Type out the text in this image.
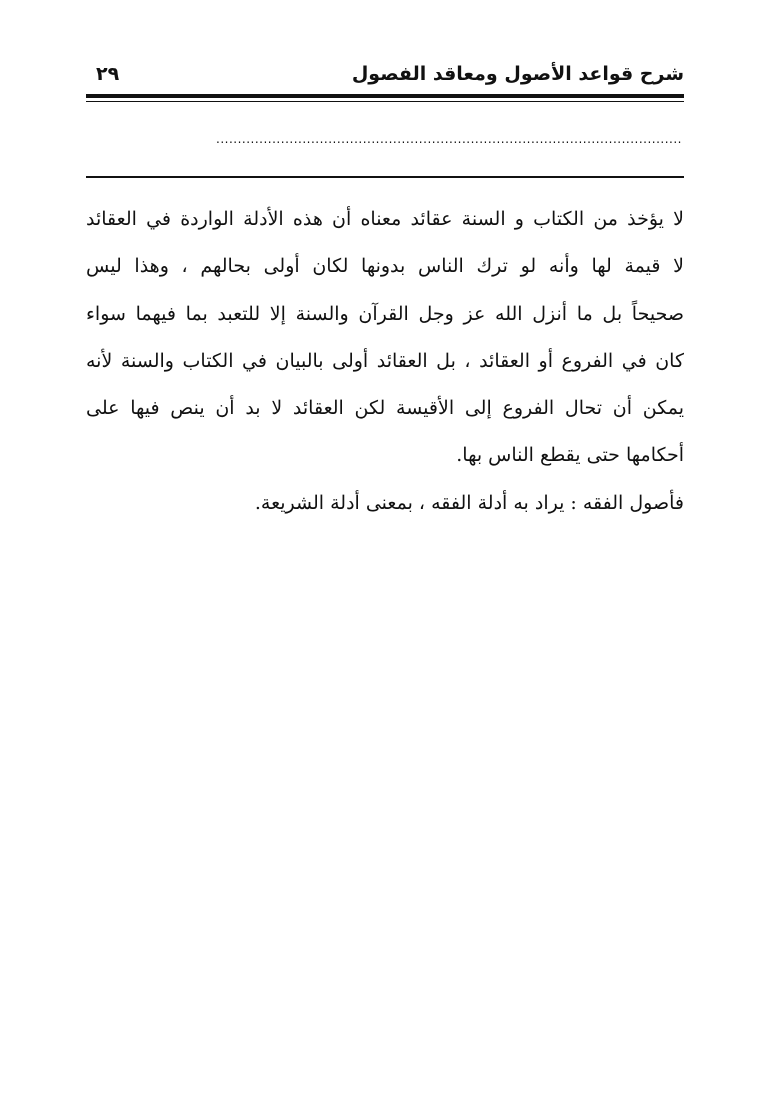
شرح قواعد الأصول ومعاقد الفصول
٢٩
............................................................................................................
لا يؤخذ من الكتاب و السنة عقائد معناه أن هذه الأدلة الواردة في العقائد
لا قيمة لها وأنه لو ترك الناس بدونها لكان أولى بحالهم ، وهذا ليس
صحيحاً بل ما أنزل الله عز وجل القرآن والسنة إلا للتعبد بما فيهما سواء
كان في الفروع أو العقائد ، بل العقائد أولى بالبيان في الكتاب والسنة لأنه
يمكن أن تحال الفروع إلى الأقيسة لكن العقائد لا بد أن ينص فيها على
أحكامها حتى يقطع الناس بها.
فأصول الفقه : يراد به أدلة الفقه ، بمعنى أدلة الشريعة.
